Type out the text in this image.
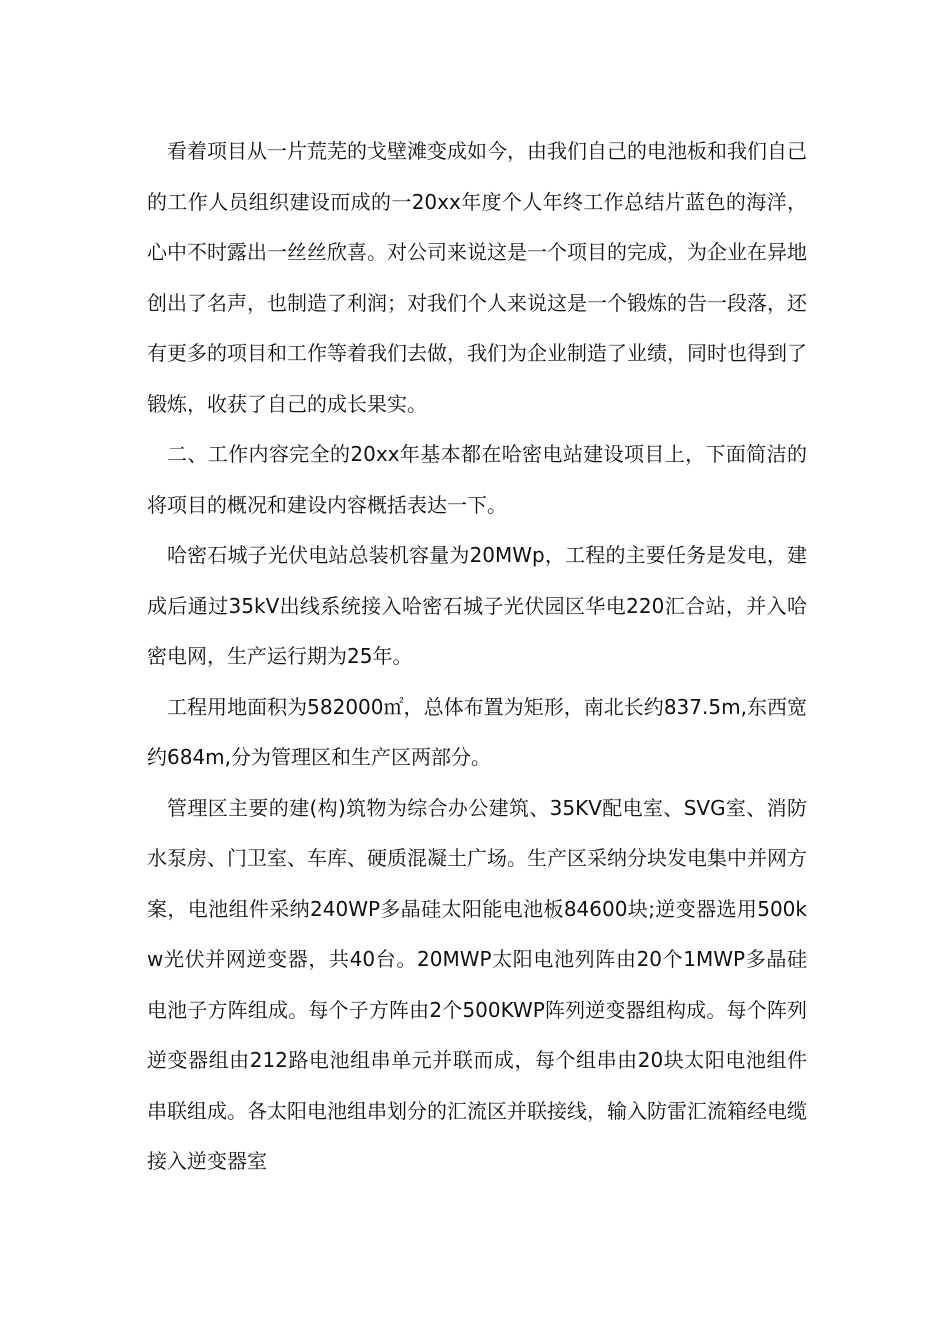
看着项目从一片荒芜的戈壁滩变成如今，由我们自己的电池板和我们自己的工作人员组织建设而成的一20xx年度个人年终工作总结片蓝色的海洋，心中不时露出一丝丝欣喜。对公司来说这是一个项目的完成，为企业在异地创出了名声，也制造了利润；对我们个人来说这是一个锻炼的告一段落，还有更多的项目和工作等着我们去做，我们为企业制造了业绩，同时也得到了锻炼，收获了自己的成长果实。

二、工作内容完全的20xx年基本都在哈密电站建设项目上，下面简洁的将项目的概况和建设内容概括表达一下。

哈密石城子光伏电站总装机容量为20MWp，工程的主要任务是发电，建成后通过35kV出线系统接入哈密石城子光伏园区华电220汇合站，并入哈密电网，生产运行期为25年。

工程用地面积为582000㎡，总体布置为矩形，南北长约837.5m,东西宽约684m,分为管理区和生产区两部分。

管理区主要的建(构)筑物为综合办公建筑、35KV配电室、SVG室、消防水泵房、门卫室、车库、硬质混凝土广场。生产区采纳分块发电集中并网方案，电池组件采纳240WP多晶硅太阳能电池板84600块;逆变器选用500kw光伏并网逆变器，共40台。20MWP太阳电池列阵由20个1MWP多晶硅电池子方阵组成。每个子方阵由2个500KWP阵列逆变器组构成。每个阵列逆变器组由212路电池组串单元并联而成，每个组串由20块太阳电池组件串联组成。各太阳电池组串划分的汇流区并联接线，输入防雷汇流箱经电缆接入逆变器室
